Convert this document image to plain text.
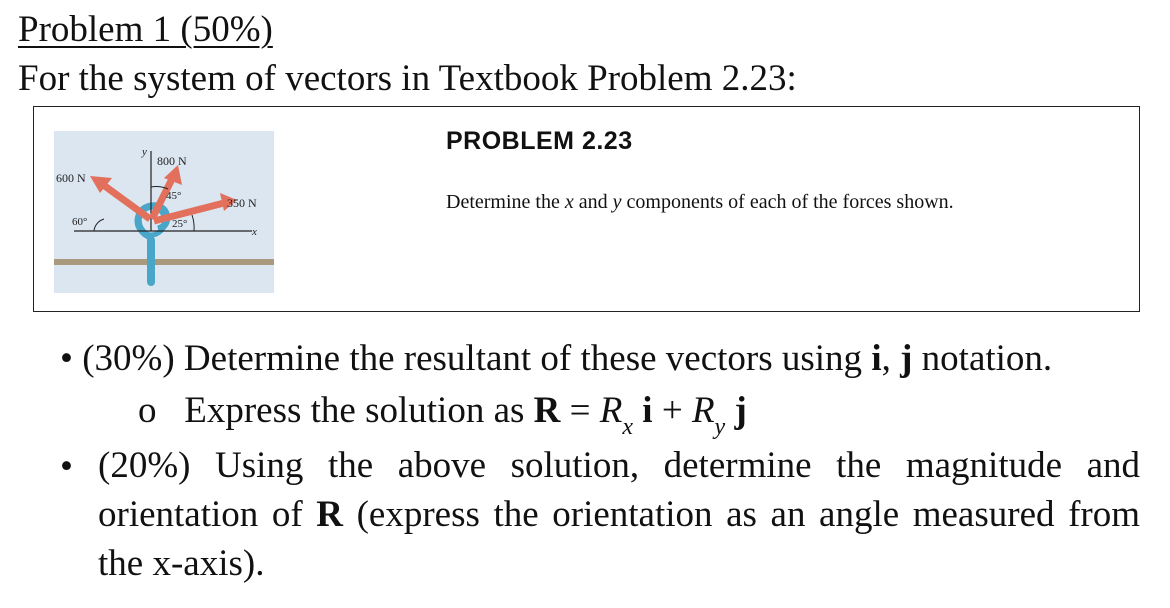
Problem 1 (50%)
For the system of vectors in Textbook Problem 2.23:
600 N
800 N
350 N
60°
45°
25°
y
x
PROBLEM 2.23
Determine the x and y components of each of the forces shown.
• (30%) Determine the resultant of these vectors using i, j notation.
o Express the solution as $R = R_x$ $i + R_y$ j
• (20%) Using the above solution, determine the magnitude and orientation of R (express the orientation as an angle measured from the x-axis).
